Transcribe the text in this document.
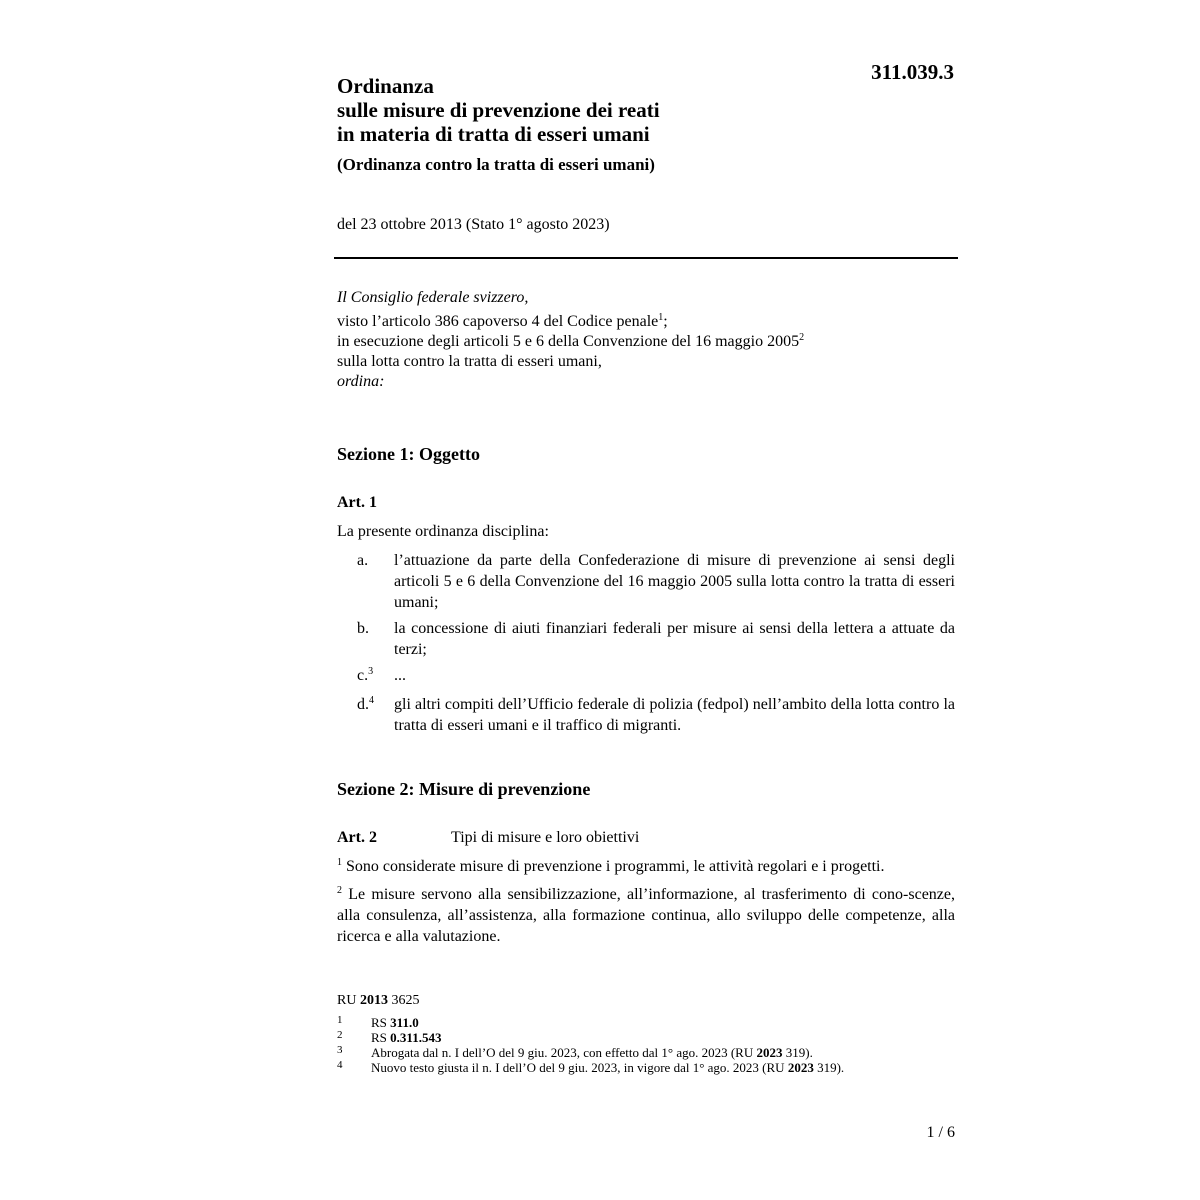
311.039.3
Ordinanza
sulle misure di prevenzione dei reati
in materia di tratta di esseri umani
(Ordinanza contro la tratta di esseri umani)
del 23 ottobre 2013 (Stato 1° agosto 2023)

Il Consiglio federale svizzero,

visto l’articolo 386 capoverso 4 del Codice penale$^1$;

in esecuzione degli articoli 5 e 6 della Convenzione del 16 maggio 2005$^2$

sulla lotta contro la tratta di esseri umani,

ordina:

Sezione 1: Oggetto
Art. 1
La presente ordinanza disciplina:
a. l’attuazione da parte della Confederazione di misure di prevenzione ai sensi degli articoli 5 e 6 della Convenzione del 16 maggio 2005 sulla lotta contro la tratta di esseri umani;
b. la concessione di aiuti finanziari federali per misure ai sensi della lettera a attuate da terzi;
c.$^3$ ...
d.$^4$ gli altri compiti dell’Ufficio federale di polizia (fedpol) nell’ambito della lotta contro la tratta di esseri umani e il traffico di migranti.
Sezione 2: Misure di prevenzione
Art. 2	Tipi di misure e loro obiettivi
$^1$ Sono considerate misure di prevenzione i programmi, le attività regolari e i progetti.
$^2$ Le misure servono alla sensibilizzazione, all’informazione, al trasferimento di cono-scenze, alla consulenza, all’assistenza, alla formazione continua, allo sviluppo delle competenze, alla ricerca e alla valutazione.
RU 2013 3625
1 RS 311.0
2 RS 0.311.543
3 Abrogata dal n. I dell’O del 9 giu. 2023, con effetto dal 1° ago. 2023 (RU 2023 319).
4 Nuovo testo giusta il n. I dell’O del 9 giu. 2023, in vigore dal 1° ago. 2023 (RU 2023 319).
1 / 6
